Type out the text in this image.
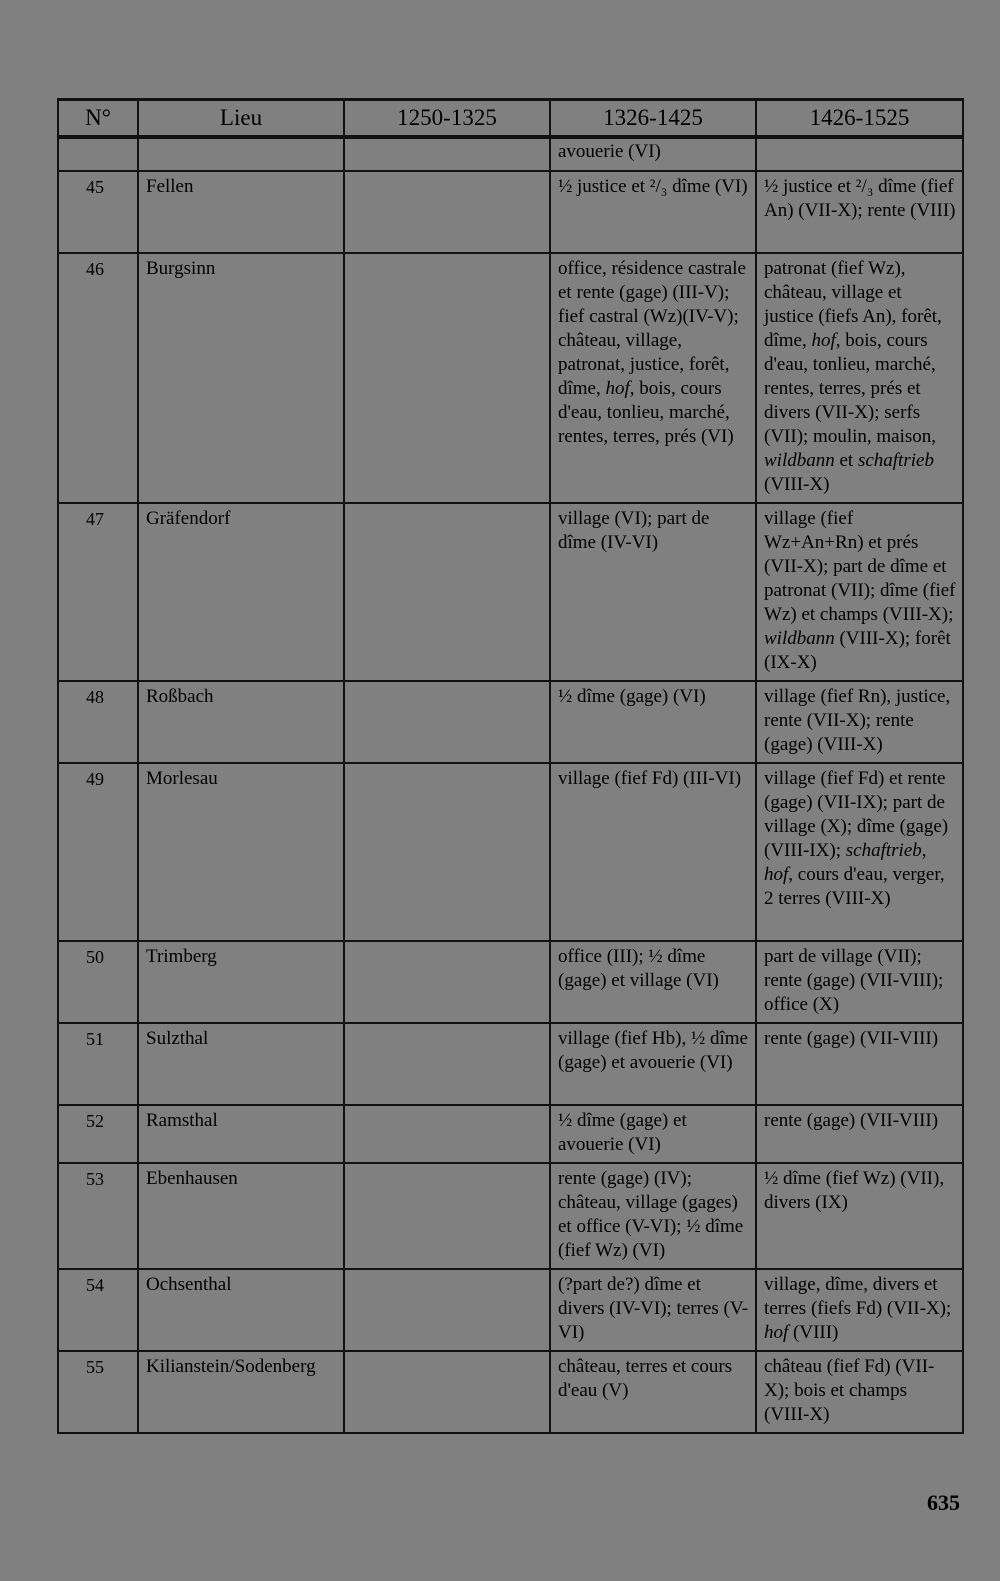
N°	Lieu	1250-1325	1326-1425	1426-1525
			avouerie (VI)	
45	Fellen		½ justice et ²/₃ dîme (VI)	½ justice et ²/₃ dîme (fief An) (VII-X); rente (VIII)
46	Burgsinn		office, résidence castrale et rente (gage) (III-V); fief castral (Wz)(IV-V); château, village, patronat, justice, forêt, dîme, hof, bois, cours d'eau, tonlieu, marché, rentes, terres, prés (VI)	patronat (fief Wz), château, village et justice (fiefs An), forêt, dîme, hof, bois, cours d'eau, tonlieu, marché, rentes, terres, prés et divers (VII-X); serfs (VII); moulin, maison, wildbann et schaftrieb (VIII-X)
47	Gräfendorf		village (VI); part de dîme (IV-VI)	village (fief Wz+An+Rn) et prés (VII-X); part de dîme et patronat (VII); dîme (fief Wz) et champs (VIII-X); wildbann (VIII-X); forêt (IX-X)
48	Roßbach		½ dîme (gage) (VI)	village (fief Rn), justice, rente (VII-X); rente (gage) (VIII-X)
49	Morlesau		village (fief Fd) (III-VI)	village (fief Fd) et rente (gage) (VII-IX); part de village (X); dîme (gage) (VIII-IX); schaftrieb, hof, cours d'eau, verger, 2 terres (VIII-X)
50	Trimberg		office (III); ½ dîme (gage) et village (VI)	part de village (VII); rente (gage) (VII-VIII); office (X)
51	Sulzthal		village (fief Hb), ½ dîme (gage) et avouerie (VI)	rente (gage) (VII-VIII)
52	Ramsthal		½ dîme (gage) et avouerie (VI)	rente (gage) (VII-VIII)
53	Ebenhausen		rente (gage) (IV); château, village (gages) et office (V-VI); ½ dîme (fief Wz) (VI)	½ dîme (fief Wz) (VII), divers (IX)
54	Ochsenthal		(?part de?) dîme et divers (IV-VI); terres (V-VI)	village, dîme, divers et terres (fiefs Fd) (VII-X); hof (VIII)
55	Kilianstein/Sodenberg		château, terres et cours d'eau (V)	château (fief Fd) (VII-X); bois et champs (VIII-X)
635
